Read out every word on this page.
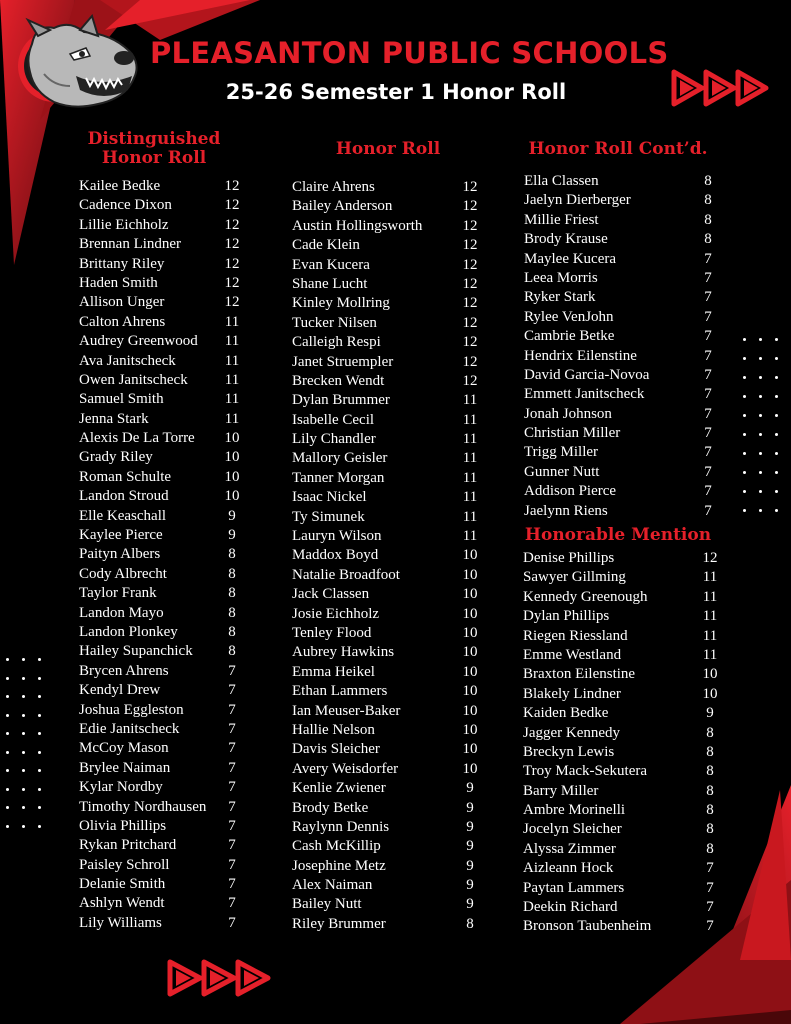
PLEASANTON PUBLIC SCHOOLS
25-26 Semester 1 Honor Roll
Distinguished
Honor Roll	Honor Roll	Honor Roll Cont’d.
Honorable Mention
Kailee Bedke	12
Cadence Dixon	12
Lillie Eichholz	12
Brennan Lindner	12
Brittany Riley	12
Haden Smith	12
Allison Unger	12
Calton Ahrens	11
Audrey Greenwood	11
Ava Janitscheck	11
Owen Janitscheck	11
Samuel Smith	11
Jenna Stark	11
Alexis De La Torre	10
Grady Riley	10
Roman Schulte	10
Landon Stroud	10
Elle Keaschall	9
Kaylee Pierce	9
Paityn Albers	8
Cody Albrecht	8
Taylor Frank	8
Landon Mayo	8
Landon Plonkey	8
Hailey Supanchick	8
Brycen Ahrens	7
Kendyl Drew	7
Joshua Eggleston	7
Edie Janitscheck	7
McCoy Mason	7
Brylee Naiman	7
Kylar Nordby	7
Timothy Nordhausen	7
Olivia Phillips	7
Rykan Pritchard	7
Paisley Schroll	7
Delanie Smith	7
Ashlyn Wendt	7
Lily Williams	7
Claire Ahrens	12
Bailey Anderson	12
Austin Hollingsworth	12
Cade Klein	12
Evan Kucera	12
Shane Lucht	12
Kinley Mollring	12
Tucker Nilsen	12
Calleigh Respi	12
Janet Struempler	12
Brecken Wendt	12
Dylan Brummer	11
Isabelle Cecil	11
Lily Chandler	11
Mallory Geisler	11
Tanner Morgan	11
Isaac Nickel	11
Ty Simunek	11
Lauryn Wilson	11
Maddox Boyd	10
Natalie Broadfoot	10
Jack Classen	10
Josie Eichholz	10
Tenley Flood	10
Aubrey Hawkins	10
Emma Heikel	10
Ethan Lammers	10
Ian Meuser-Baker	10
Hallie Nelson	10
Davis Sleicher	10
Avery Weisdorfer	10
Kenlie Zwiener	9
Brody Betke	9
Raylynn Dennis	9
Cash McKillip	9
Josephine Metz	9
Alex Naiman	9
Bailey Nutt	9
Riley Brummer	8
Ella Classen	8
Jaelyn Dierberger	8
Millie Friest	8
Brody Krause	8
Maylee Kucera	7
Leea Morris	7
Ryker Stark	7
Rylee VenJohn	7
Cambrie Betke	7
Hendrix Eilenstine	7
David Garcia-Novoa	7
Emmett Janitscheck	7
Jonah Johnson	7
Christian Miller	7
Trigg Miller	7
Gunner Nutt	7
Addison Pierce	7
Jaelynn Riens	7
Denise Phillips	12
Sawyer Gillming	11
Kennedy Greenough	11
Dylan Phillips	11
Riegen Riessland	11
Emme Westland	11
Braxton Eilenstine	10
Blakely Lindner	10
Kaiden Bedke	9
Jagger Kennedy	8
Breckyn Lewis	8
Troy Mack-Sekutera	8
Barry Miller	8
Ambre Morinelli	8
Jocelyn Sleicher	8
Alyssa Zimmer	8
Aizleann Hock	7
Paytan Lammers	7
Deekin Richard	7
Bronson Taubenheim	7
